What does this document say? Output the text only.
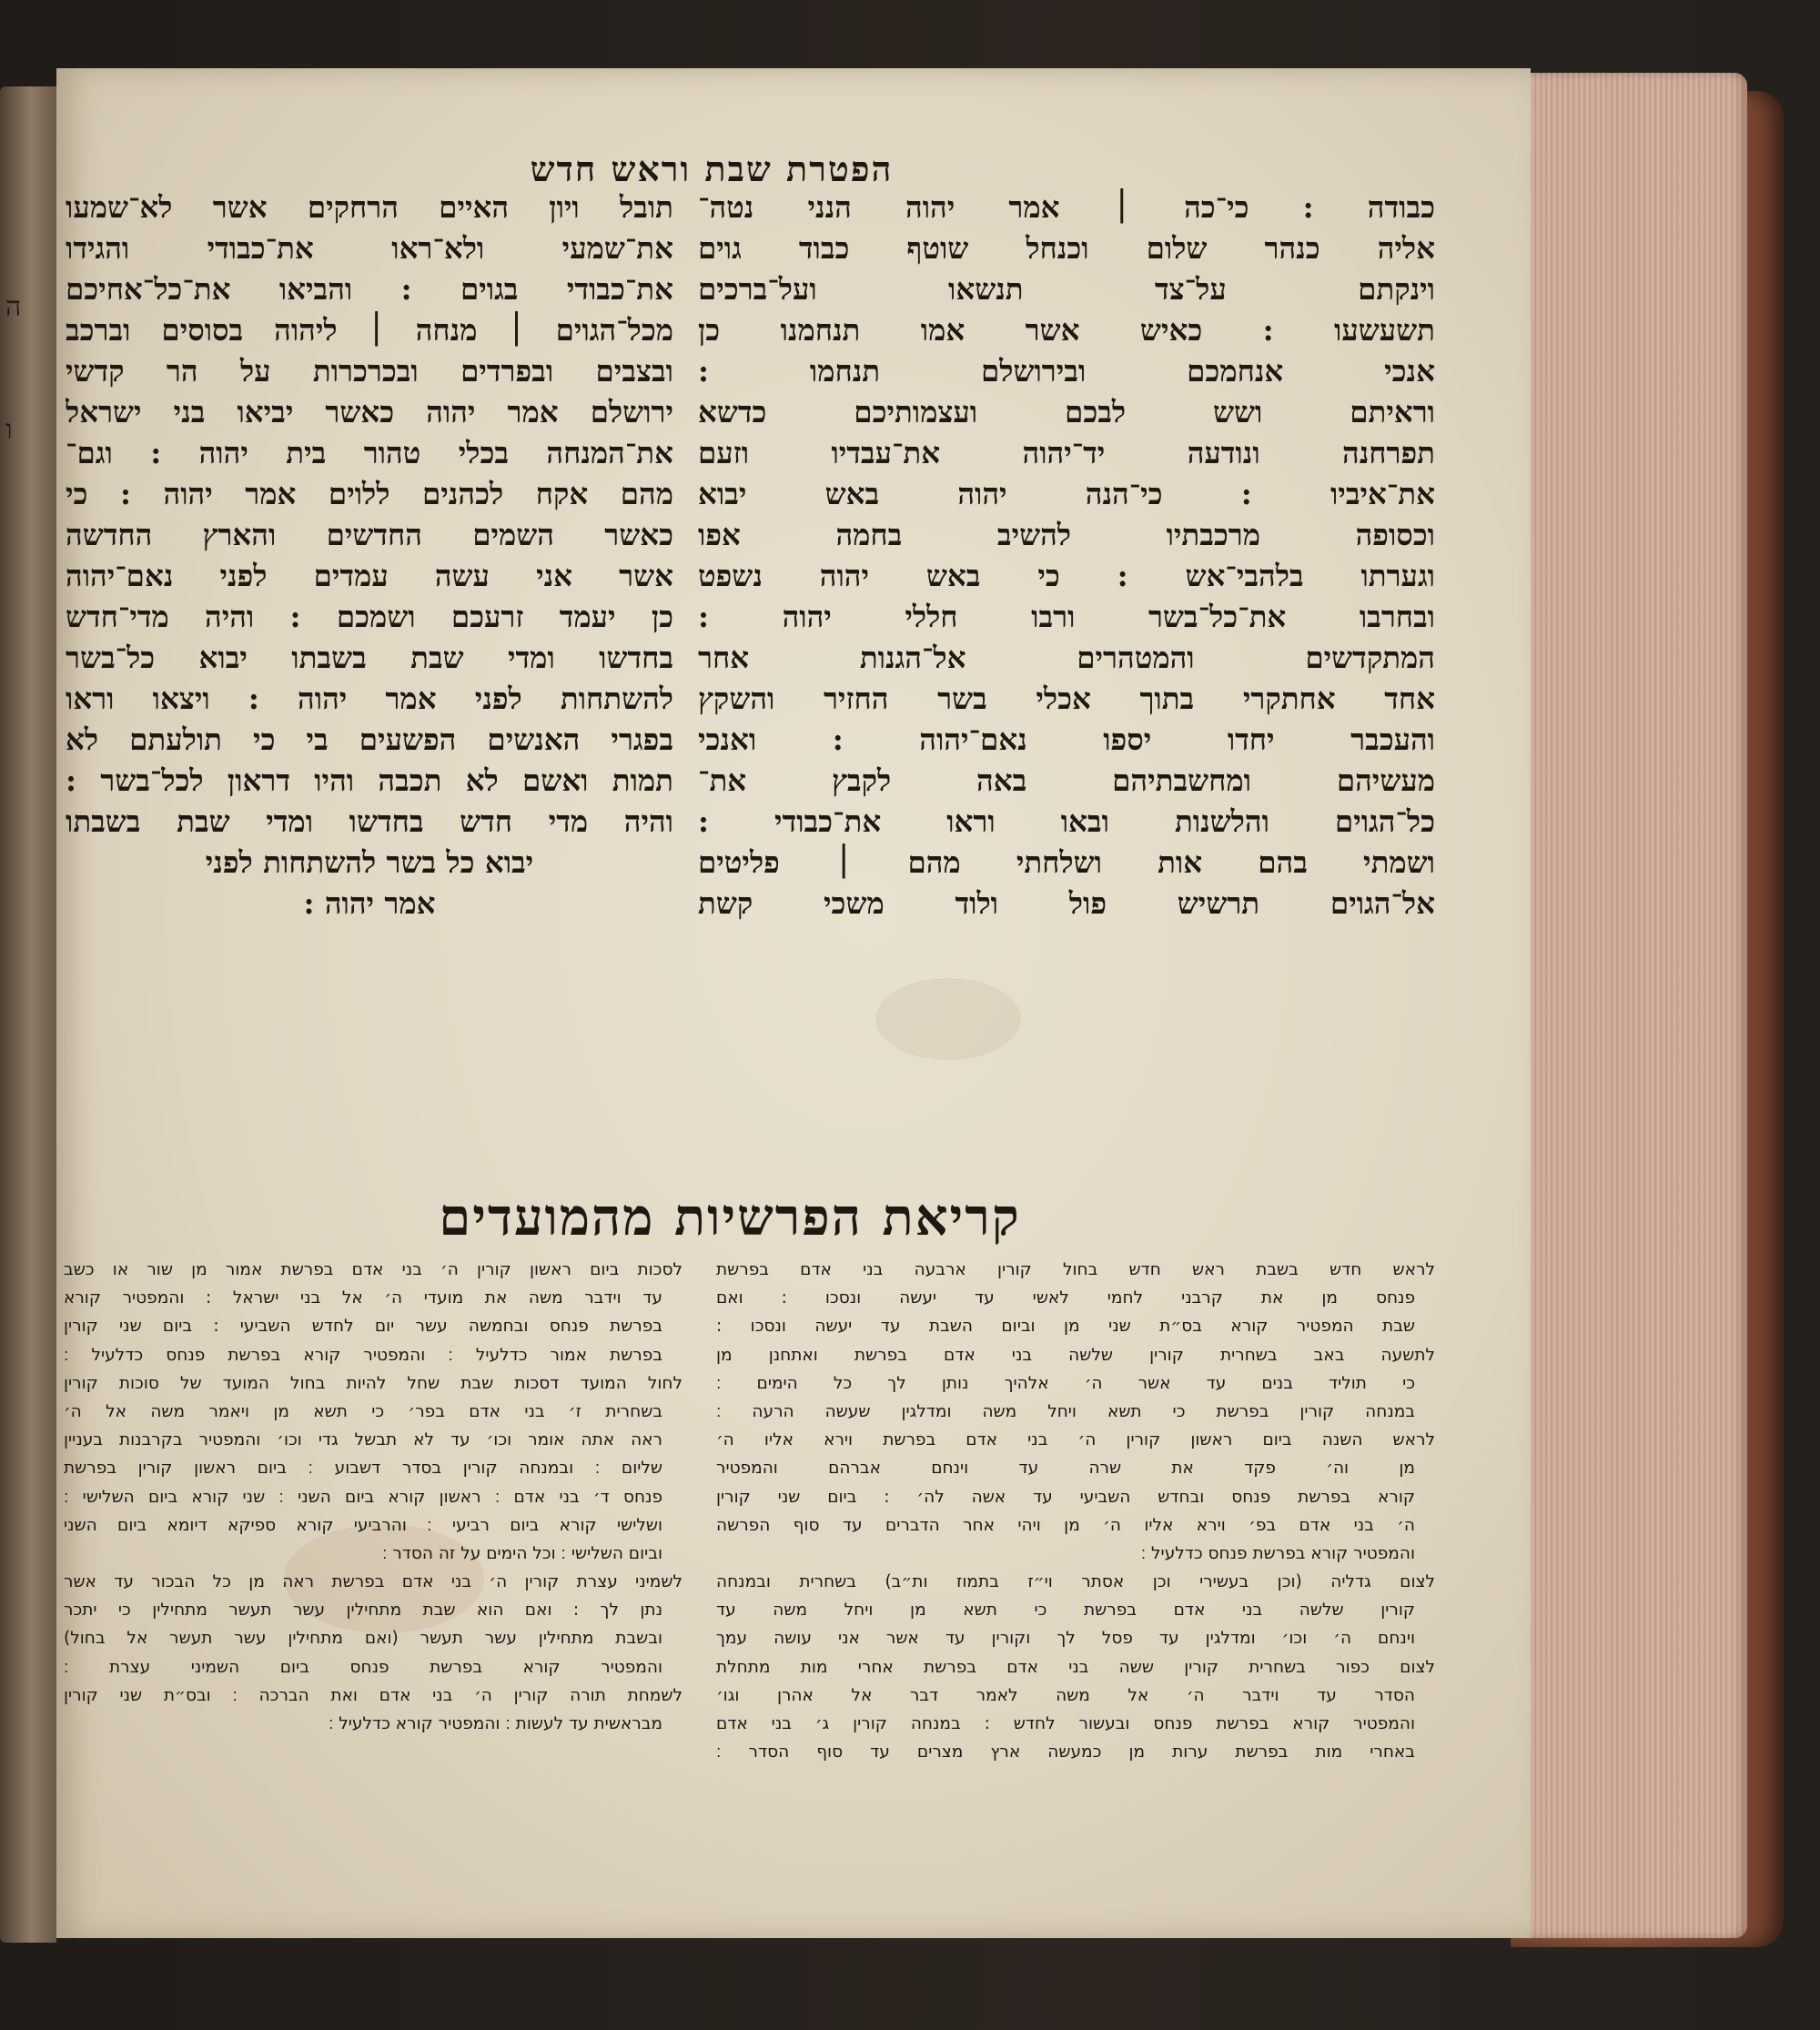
ה
ו
הפטרת שבת וראש חדש
כבודה : כי־כה ׀ אמר יהוה הנני נטה־
אליה כנהר שלום וכנחל שוטף כבוד גוים
וינקתם על־צד תנשאו ועל־ברכים
תשעשעו : כאיש אשר אמו תנחמנו כן
אנכי אנחמכם ובירושלם תנחמו :
וראיתם ושש לבכם ועצמותיכם כדשא
תפרחנה ונודעה יד־יהוה את־עבדיו וזעם
את־איביו : כי־הנה יהוה באש יבוא
וכסופה מרכבתיו להשיב בחמה אפו
וגערתו בלהבי־אש : כי באש יהוה נשפט
ובחרבו את־כל־בשר ורבו חללי יהוה :
המתקדשים והמטהרים אל־הגנות אחר
אחד אחתקרי בתוך אכלי בשר החזיר והשקץ
והעכבר יחדו יספו נאם־יהוה : ואנכי
מעשיהם ומחשבתיהם באה לקבץ את־
כל־הגוים והלשנות ובאו וראו את־כבודי :
ושמתי בהם אות ושלחתי מהם ׀ פליטים
אל־הגוים תרשיש פול ולוד משכי קשת
תובל ויון האיים הרחקים אשר לא־שמעו
את־שמעי ולא־ראו את־כבודי והגידו
את־כבודי בגוים : והביאו את־כל־אחיכם
מכל־הגוים ׀ מנחה ׀ ליהוה בסוסים וברכב
ובצבים ובפרדים ובכרכרות על הר קדשי
ירושלם אמר יהוה כאשר יביאו בני ישראל
את־המנחה בכלי טהור בית יהוה : וגם־
מהם אקח לכהנים ללוים אמר יהוה : כי
כאשר השמים החדשים והארץ החדשה
אשר אני עשה עמדים לפני נאם־יהוה
כן יעמד זרעכם ושמכם : והיה מדי־חדש
בחדשו ומדי שבת בשבתו יבוא כל־בשר
להשתחות לפני אמר יהוה : ויצאו וראו
בפגרי האנשים הפשעים בי כי תולעתם לא
תמות ואשם לא תכבה והיו דראון לכל־בשר :
והיה מדי חדש בחדשו ומדי שבת בשבתו
יבוא כל בשר להשתחות לפני
אמר יהוה :
קריאת הפרשיות מהמועדים
לראש חדש בשבת ראש חדש בחול קורין ארבעה בני אדם בפרשת
פנחס מן את קרבני לחמי לאשי עד יעשה ונסכו : ואם
שבת המפטיר קורא בס״ת שני מן וביום השבת עד יעשה ונסכו :
לתשעה באב בשחרית קורין שלשה בני אדם בפרשת ואתחנן מן
כי תוליד בנים עד אשר ה׳ אלהיך נותן לך כל הימים ׃
במנחה קורין בפרשת כי תשא ויחל משה ומדלגין שעשה הרעה ׃
לראש השנה ביום ראשון קורין ה׳ בני אדם בפרשת וירא אליו ה׳
מן וה׳ פקד את שרה עד וינחם אברהם והמפטיר
קורא בפרשת פנחס ובחדש השביעי עד אשה לה׳ : ביום שני קורין
ה׳ בני אדם בפ׳ וירא אליו ה׳ מן ויהי אחר הדברים עד סוף הפרשה
והמפטיר קורא בפרשת פנחס כדלעיל ׃
לצום גדליה (וכן בעשירי וכן אסתר וי״ז בתמוז ות״ב) בשחרית ובמנחה
קורין שלשה בני אדם בפרשת כי תשא מן ויחל משה עד
וינחם ה׳ וכו׳ ומדלגין עד פסל לך וקורין עד אשר אני עושה עמך
לצום כפור בשחרית קורין ששה בני אדם בפרשת אחרי מות מתחלת
הסדר עד וידבר ה׳ אל משה לאמר דבר אל אהרן וגו׳
והמפטיר קורא בפרשת פנחס ובעשור לחדש : במנחה קורין ג׳ בני אדם
באחרי מות בפרשת ערות מן כמעשה ארץ מצרים עד סוף הסדר ׃
לסכות ביום ראשון קורין ה׳ בני אדם בפרשת אמור מן שור או כשב
עד וידבר משה את מועדי ה׳ אל בני ישראל : והמפטיר קורא
בפרשת פנחס ובחמשה עשר יום לחדש השביעי : ביום שני קורין
בפרשת אמור כדלעיל ׃ והמפטיר קורא בפרשת פנחס כדלעיל ׃
לחול המועד דסכות שבת שחל להיות בחול המועד של סוכות קורין
בשחרית ז׳ בני אדם בפר׳ כי תשא מן ויאמר משה אל ה׳
ראה אתה אומר וכו׳ עד לא תבשל גדי וכו׳ והמפטיר בקרבנות בעניין
שליום ׃ ובמנחה קורין בסדר דשבוע ׃ ביום ראשון קורין בפרשת
פנחס ד׳ בני אדם ׃ ראשון קורא ביום השני ׃ שני קורא ביום השלישי ׃
ושלישי קורא ביום רביעי ׃ והרביעי קורא ספיקא דיומא ביום השני
וביום השלישי ׃ וכל הימים על זה הסדר ׃
לשמיני עצרת קורין ה׳ בני אדם בפרשת ראה מן כל הבכור עד אשר
נתן לך : ואם הוא שבת מתחילין עשר תעשר מתחילין כי יתכר
ובשבת מתחילין עשר תעשר (ואם מתחילין עשר תעשר אל בחול)
והמפטיר קורא בפרשת פנחס ביום השמיני עצרת ׃
לשמחת תורה קורין ה׳ בני אדם ואת הברכה ׃ ובס״ת שני קורין
מבראשית עד לעשות ׃ והמפטיר קורא כדלעיל ׃
